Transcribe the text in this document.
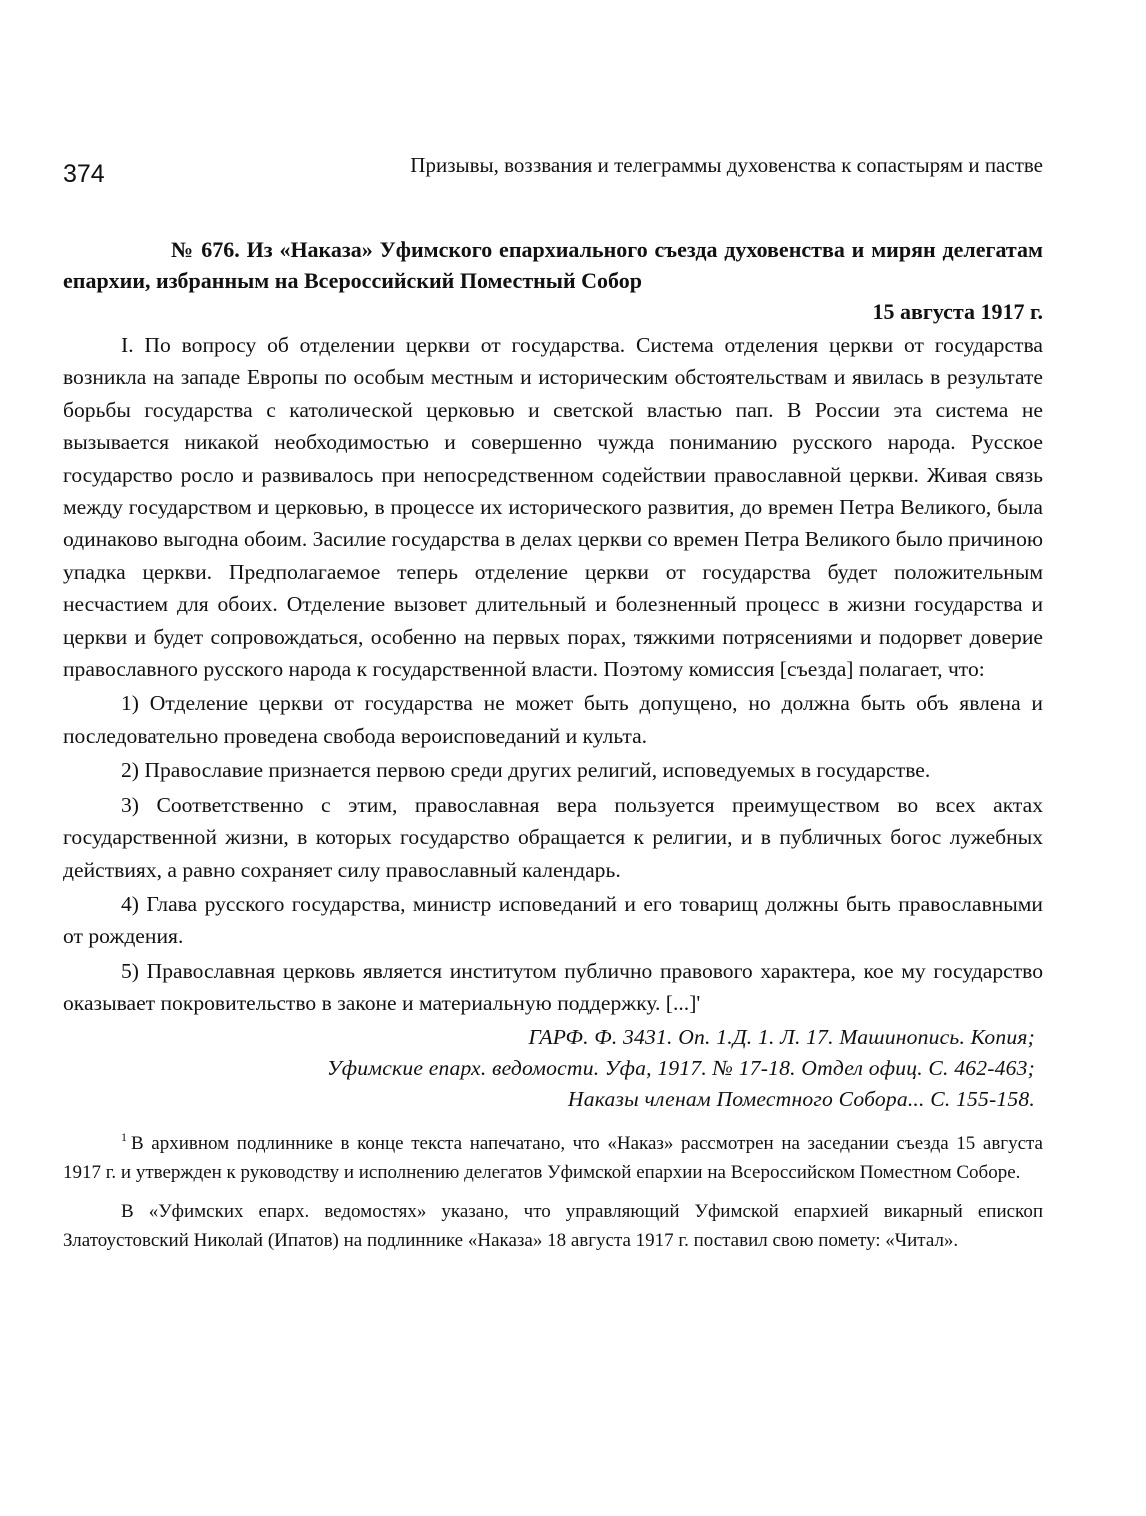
374	Призывы, воззвания и телеграммы духовенства к сопастырям и пастве

№ 676. Из «Наказа» Уфимского епархиального съезда духовенства и мирян делегатам епархии, избранным на Всероссийский Поместный Собор

15 августа 1917 г.

I. По вопросу об отделении церкви от государства. Система отделения церкви от государства возникла на западе Европы по особым местным и историческим обстоятельствам и явилась в результате борьбы государства с католической церковью и светской властью пап. В России эта система не вызывается никакой необходимостью и совершенно чужда пониманию русского народа. Русское государство росло и развивалось при непосредственном содействии православной церкви. Живая связь между государством и церковью, в процессе их исторического развития, до времен Петра Великого, была одинаково выгодна обоим. Засилие государства в делах церкви со времен Петра Великого было причиною упадка церкви. Предполагаемое теперь отделение церкви от государства будет положительным несчастием для обоих. Отделение вызовет длительный и болезненный процесс в жизни государства и церкви и будет сопровождаться, особенно на первых порах, тяжкими потрясениями и подорвет доверие православного русского народа к государственной власти. Поэтому комиссия [съезда] полагает, что:

1) Отделение церкви от государства не может быть допущено, но должна быть объ явлена и последовательно проведена свобода вероисповеданий и культа.

2) Православие признается первою среди других религий, исповедуемых в государстве.

3) Соответственно с этим, православная вера пользуется преимуществом во всех актах государственной жизни, в которых государство обращается к религии, и в публичных богос лужебных действиях, а равно сохраняет силу православный календарь.

4) Глава русского государства, министр исповеданий и его товарищ должны быть православными от рождения.

5) Православная церковь является институтом публично правового характера, кое му государство оказывает покровительство в законе и материальную поддержку. [...]'

ГАРФ. Ф. 3431. Оп. 1.Д. 1. Л. 17. Машинопись. Копия;

Уфимские епарх. ведомости. Уфа, 1917. № 17-18. Отдел офиц. С. 462-463;

Наказы членам Поместного Собора... С. 155-158.

$^1$ В архивном подлиннике в конце текста напечатано, что «Наказ» рассмотрен на заседании съезда 15 августа 1917 г. и утвержден к руководству и исполнению делегатов Уфимской епархии на Всероссийском Поместном Соборе.

В «Уфимских епарх. ведомостях» указано, что управляющий Уфимской епархией викарный епископ Златоустовский Николай (Ипатов) на подлиннике «Наказа» 18 августа 1917 г. поставил свою помету: «Читал».
